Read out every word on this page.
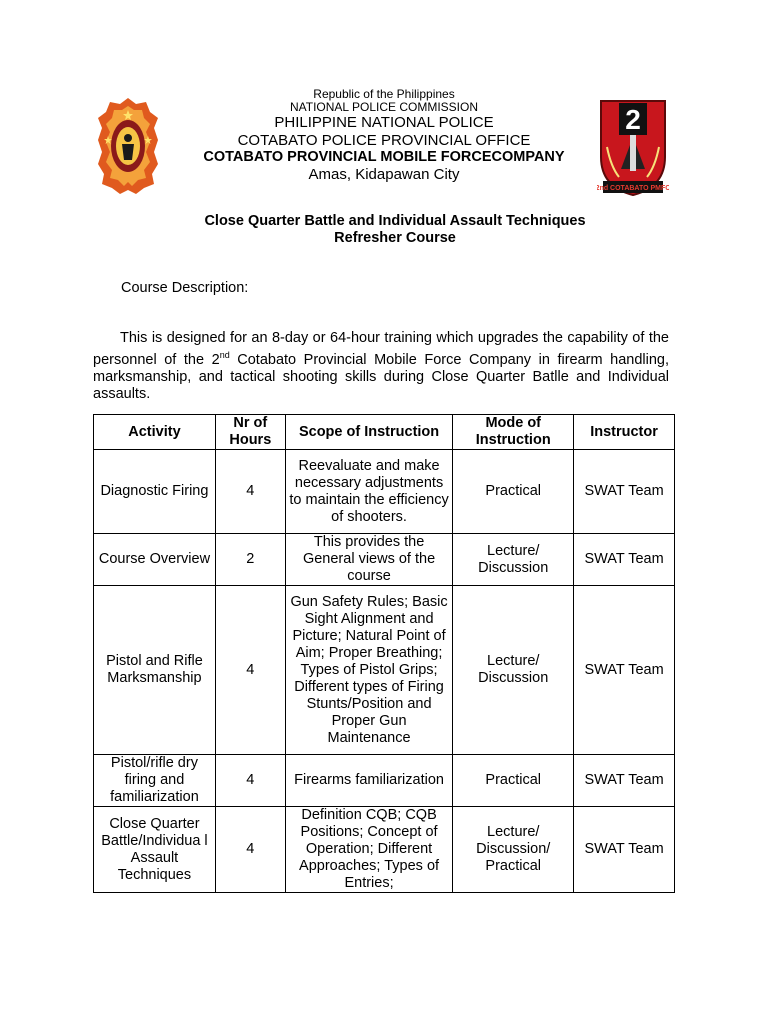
2
2nd COTABATO PMFC
Republic of the Philippines
NATIONAL POLICE COMMISSION
PHILIPPINE NATIONAL POLICE
COTABATO POLICE PROVINCIAL OFFICE
COTABATO PROVINCIAL MOBILE FORCECOMPANY
Amas, Kidapawan City
Close Quarter Battle and Individual Assault Techniques
Refresher Course
Course Description:
This is designed for an 8-day or 64-hour training which upgrades the capability of the personnel of the 2nd Cotabato Provincial Mobile Force Company in firearm handling, marksmanship, and tactical shooting skills during Close Quarter Batlle and Individual assaults.
Activity	Nr of Hours	Scope of Instruction	Mode of Instruction	Instructor
Diagnostic Firing	4	Reevaluate and make necessary adjustments to maintain the efficiency of shooters.	Practical	SWAT Team
Course Overview	2	This provides the General views of the course	Lecture/ Discussion	SWAT Team
Pistol and Rifle Marksmanship	4	Gun Safety Rules; Basic Sight Alignment and Picture; Natural Point of Aim; Proper Breathing; Types of Pistol Grips; Different types of Firing Stunts/Position and Proper Gun Maintenance	Lecture/ Discussion	SWAT Team
Pistol/rifle dry firing and familiarization	4	Firearms familiarization	Practical	SWAT Team
Close Quarter Battle/Individua l Assault Techniques	4	Definition CQB; CQB Positions; Concept of Operation; Different Approaches; Types of Entries;	Lecture/ Discussion/ Practical	SWAT Team
